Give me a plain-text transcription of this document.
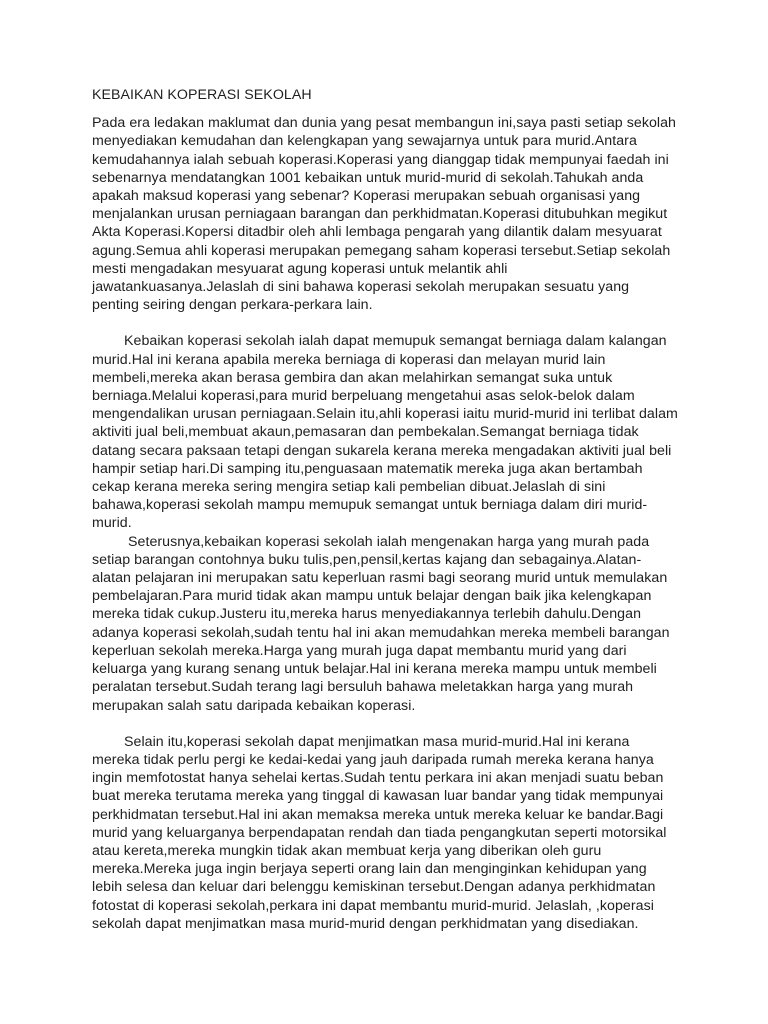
KEBAIKAN KOPERASI SEKOLAH

Pada era ledakan maklumat dan dunia yang pesat membangun ini,saya pasti setiap sekolah menyediakan kemudahan dan kelengkapan yang sewajarnya untuk para murid.Antara kemudahannya ialah sebuah koperasi.Koperasi yang dianggap tidak mempunyai faedah ini sebenarnya mendatangkan 1001 kebaikan untuk murid-murid di sekolah.Tahukah anda apakah maksud koperasi yang sebenar? Koperasi merupakan sebuah organisasi yang menjalankan urusan perniagaan barangan dan perkhidmatan.Koperasi ditubuhkan megikut Akta Koperasi.Kopersi ditadbir oleh ahli lembaga pengarah yang dilantik dalam mesyuarat agung.Semua ahli koperasi merupakan pemegang saham koperasi tersebut.Setiap sekolah mesti mengadakan mesyuarat agung koperasi untuk melantik ahli jawatankuasanya.Jelaslah di sini bahawa koperasi sekolah merupakan sesuatu yang penting seiring dengan perkara-perkara lain.

Kebaikan koperasi sekolah ialah dapat memupuk semangat berniaga dalam kalangan murid.Hal ini kerana apabila mereka berniaga di koperasi dan melayan murid lain membeli,mereka akan berasa gembira dan akan melahirkan semangat suka untuk berniaga.Melalui koperasi,para murid berpeluang mengetahui asas selok-belok dalam mengendalikan urusan perniagaan.Selain itu,ahli koperasi iaitu murid-murid ini terlibat dalam aktiviti jual beli,membuat akaun,pemasaran dan pembekalan.Semangat berniaga tidak datang secara paksaan tetapi dengan sukarela kerana mereka mengadakan aktiviti jual beli hampir setiap hari.Di samping itu,penguasaan matematik mereka juga akan bertambah cekap kerana mereka sering mengira setiap kali pembelian dibuat.Jelaslah di sini bahawa,koperasi sekolah mampu memupuk semangat untuk berniaga dalam diri murid-murid.

Seterusnya,kebaikan koperasi sekolah ialah mengenakan harga yang murah pada setiap barangan contohnya buku tulis,pen,pensil,kertas kajang dan sebagainya.Alatan-alatan pelajaran ini merupakan satu keperluan rasmi bagi seorang murid untuk memulakan pembelajaran.Para murid tidak akan mampu untuk belajar dengan baik jika kelengkapan mereka tidak cukup.Justeru itu,mereka harus menyediakannya terlebih dahulu.Dengan adanya koperasi sekolah,sudah tentu hal ini akan memudahkan mereka membeli barangan keperluan sekolah mereka.Harga yang murah juga dapat membantu murid yang dari keluarga yang kurang senang untuk belajar.Hal ini kerana mereka mampu untuk membeli peralatan tersebut.Sudah terang lagi bersuluh bahawa meletakkan harga yang murah merupakan salah satu daripada kebaikan koperasi.

Selain itu,koperasi sekolah dapat menjimatkan masa murid-murid.Hal ini kerana mereka tidak perlu pergi ke kedai-kedai yang jauh daripada rumah mereka kerana hanya ingin memfotostat hanya sehelai kertas.Sudah tentu perkara ini akan menjadi suatu beban buat mereka terutama mereka yang tinggal di kawasan luar bandar yang tidak mempunyai perkhidmatan tersebut.Hal ini akan memaksa mereka untuk mereka keluar ke bandar.Bagi murid yang keluarganya berpendapatan rendah dan tiada pengangkutan seperti motorsikal atau kereta,mereka mungkin tidak akan membuat kerja yang diberikan oleh guru mereka.Mereka juga ingin berjaya seperti orang lain dan menginginkan kehidupan yang lebih selesa dan keluar dari belenggu kemiskinan tersebut.Dengan adanya perkhidmatan fotostat di koperasi sekolah,perkara ini dapat membantu murid-murid. Jelaslah, ,koperasi sekolah dapat menjimatkan masa murid-murid dengan perkhidmatan yang disediakan.
